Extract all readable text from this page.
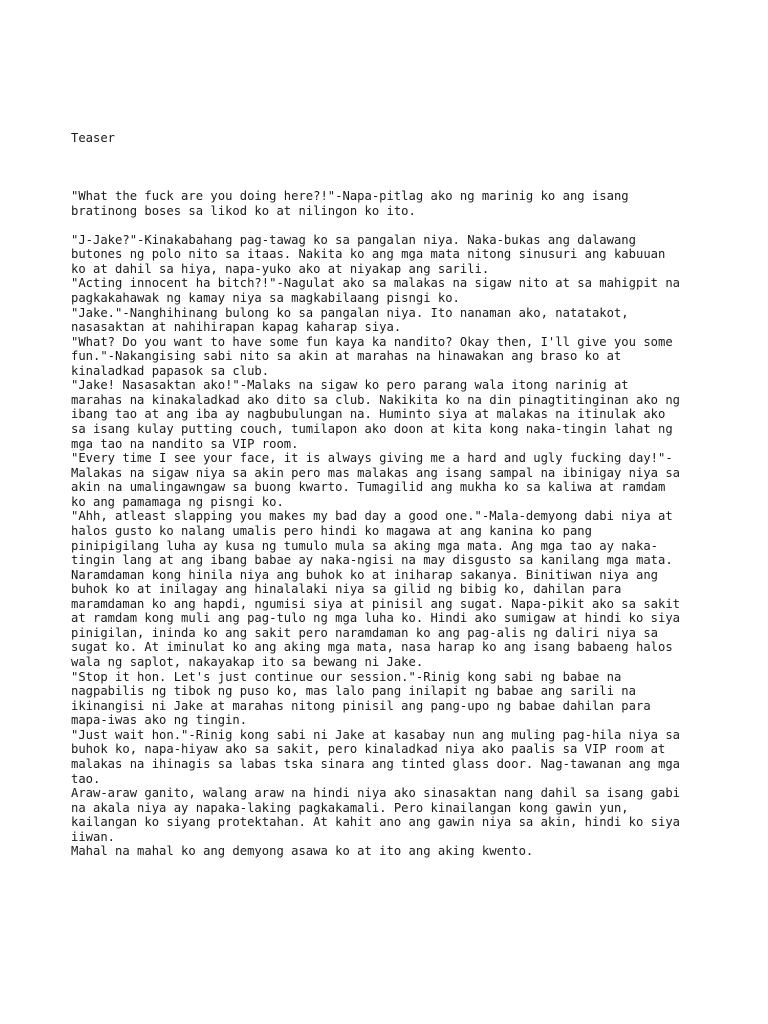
Teaser
"What the fuck are you doing here?!"-Napa-pitlag ako ng marinig ko ang isang
bratinong boses sa likod ko at nilingon ko ito.
"J-Jake?"-Kinakabahang pag-tawag ko sa pangalan niya. Naka-bukas ang dalawang
butones ng polo nito sa itaas. Nakita ko ang mga mata nitong sinusuri ang kabuuan
ko at dahil sa hiya, napa-yuko ako at niyakap ang sarili.
"Acting innocent ha bitch?!"-Nagulat ako sa malakas na sigaw nito at sa mahigpit na
pagkakahawak ng kamay niya sa magkabilaang pisngi ko.
"Jake."-Nanghihinang bulong ko sa pangalan niya. Ito nanaman ako, natatakot,
nasasaktan at nahihirapan kapag kaharap siya.
"What? Do you want to have some fun kaya ka nandito? Okay then, I'll give you some
fun."-Nakangising sabi nito sa akin at marahas na hinawakan ang braso ko at
kinaladkad papasok sa club.
"Jake! Nasasaktan ako!"-Malaks na sigaw ko pero parang wala itong narinig at
marahas na kinakaladkad ako dito sa club. Nakikita ko na din pinagtitinginan ako ng
ibang tao at ang iba ay nagbubulungan na. Huminto siya at malakas na itinulak ako
sa isang kulay putting couch, tumilapon ako doon at kita kong naka-tingin lahat ng
mga tao na nandito sa VIP room.
"Every time I see your face, it is always giving me a hard and ugly fucking day!"-
Malakas na sigaw niya sa akin pero mas malakas ang isang sampal na ibinigay niya sa
akin na umalingawngaw sa buong kwarto. Tumagilid ang mukha ko sa kaliwa at ramdam
ko ang pamamaga ng pisngi ko.
"Ahh, atleast slapping you makes my bad day a good one."-Mala-demyong dabi niya at
halos gusto ko nalang umalis pero hindi ko magawa at ang kanina ko pang
pinipigilang luha ay kusa ng tumulo mula sa aking mga mata. Ang mga tao ay naka-
tingin lang at ang ibang babae ay naka-ngisi na may disgusto sa kanilang mga mata.
Naramdaman kong hinila niya ang buhok ko at iniharap sakanya. Binitiwan niya ang
buhok ko at inilagay ang hinalalaki niya sa gilid ng bibig ko, dahilan para
maramdaman ko ang hapdi, ngumisi siya at pinisil ang sugat. Napa-pikit ako sa sakit
at ramdam kong muli ang pag-tulo ng mga luha ko. Hindi ako sumigaw at hindi ko siya
pinigilan, ininda ko ang sakit pero naramdaman ko ang pag-alis ng daliri niya sa
sugat ko. At iminulat ko ang aking mga mata, nasa harap ko ang isang babaeng halos
wala ng saplot, nakayakap ito sa bewang ni Jake.
"Stop it hon. Let's just continue our session."-Rinig kong sabi ng babae na
nagpabilis ng tibok ng puso ko, mas lalo pang inilapit ng babae ang sarili na
ikinangisi ni Jake at marahas nitong pinisil ang pang-upo ng babae dahilan para
mapa-iwas ako ng tingin.
"Just wait hon."-Rinig kong sabi ni Jake at kasabay nun ang muling pag-hila niya sa
buhok ko, napa-hiyaw ako sa sakit, pero kinaladkad niya ako paalis sa VIP room at
malakas na ihinagis sa labas tska sinara ang tinted glass door. Nag-tawanan ang mga
tao.
Araw-araw ganito, walang araw na hindi niya ako sinasaktan nang dahil sa isang gabi
na akala niya ay napaka-laking pagkakamali. Pero kinailangan kong gawin yun,
kailangan ko siyang protektahan. At kahit ano ang gawin niya sa akin, hindi ko siya
iiwan.
Mahal na mahal ko ang demyong asawa ko at ito ang aking kwento.
